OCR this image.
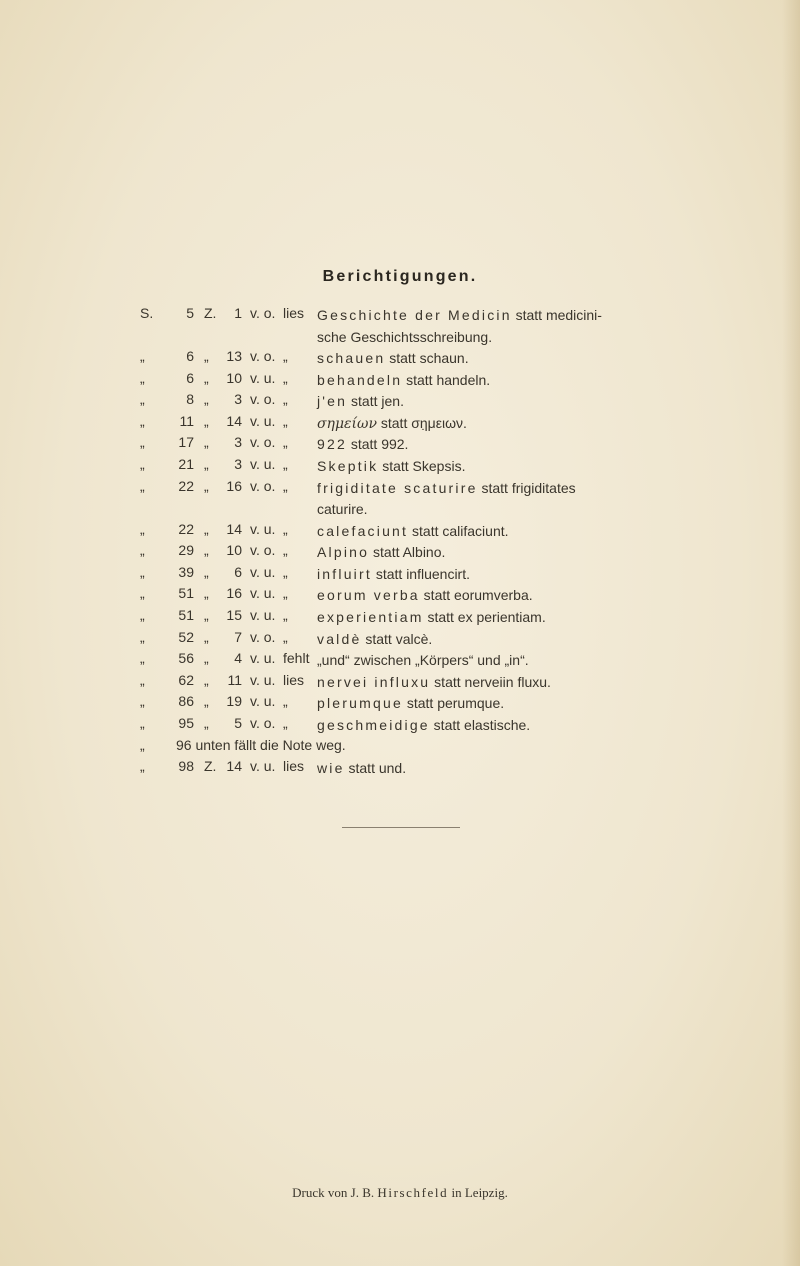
Berichtigungen.
S.	5 Z.	1 v. o. lies Geschichte der Medicin statt medicini-
sche Geschichtsschreibung.
„	6 „	13 v. o. „ schauen statt schaun.
„	6 „	10 v. u. „ behandeln statt handeln.
„	8 „	3 v. o. „ j'en statt jen.
„	11 „	14 v. u. „ σημείων statt ση̣μειων.
„	17 „	3 v. o. „ 922 statt 992.
„	21 „	3 v. u. „ Skeptik statt Skepsis.
„	22 „	16 v. o. „ frigiditate scaturire statt frigiditates
caturire.
„	22 „	14 v. u. „ calefaciunt statt califaciunt.
„	29 „	10 v. o. „ Alpino statt Albino.
„	39 „	6 v. u. „ influirt statt influencirt.
„	51 „	16 v. u. „ eorum verba statt eorumverba.
„	51 „	15 v. u. „ experientiam statt ex perientiam.
„	52 „	7 v. o. „ valdè statt valcè.
„	56 „	4 v. u. fehlt „und“ zwischen „Körpers“ und „in“.
„	62 „	11 v. u. lies nervei influxu statt nerveiin fluxu.
„	86 „	19 v. u. „ plerumque statt perumque.
„	95 „	5 v. o. „ geschmeidige statt elastische.
„ 96 unten fällt die Note weg.
„	98 Z. 14 v. u. lies wie statt und.
Druck von J. B. Hirschfeld in Leipzig.
